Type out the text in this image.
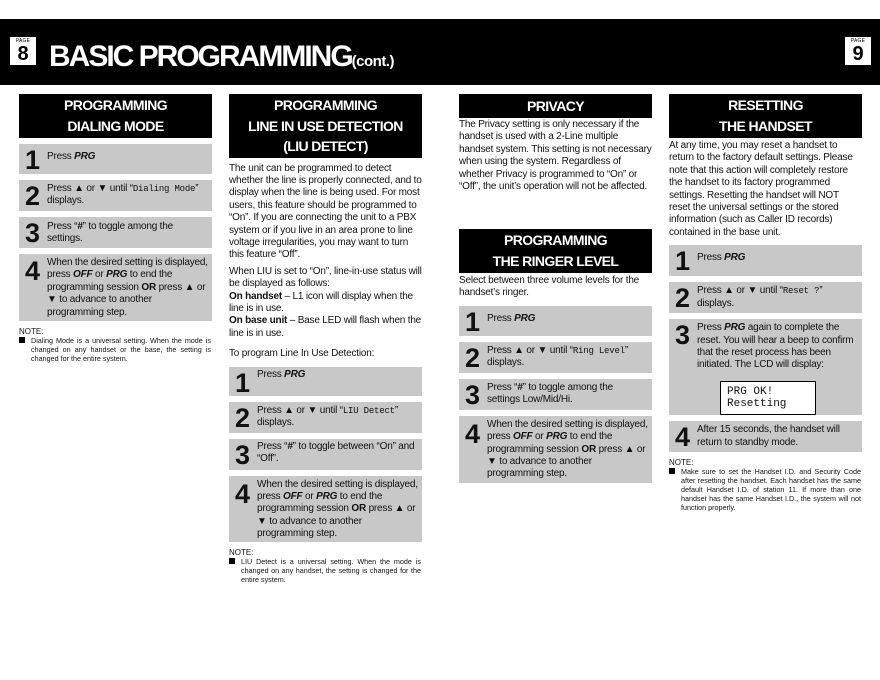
PAGE
8 BASIC PROGRAMMING(cont.)
PAGE
9
PROGRAMMING
DIALING MODE
1 Press PRG
2 Press ▲ or ▼ until “Dialing Mode” displays.
3 Press “#” to toggle among the settings.
4 When the desired setting is displayed, press OFF or PRG to end the programming session OR press ▲ or ▼ to advance to another programming step.
NOTE:
Dialing Mode is a universal setting. When the mode is changed on any handset or the base, the setting is changed for the entire system.
PROGRAMMING
LINE IN USE DETECTION
(LIU DETECT)
The unit can be programmed to detect whether the line is properly connected, and to display when the line is being used. For most users, this feature should be programmed to “On”. If you are connecting the unit to a PBX system or if you live in an area prone to line voltage irregularities, you may want to turn this feature “Off”.
When LIU is set to “On”, line-in-use status will be displayed as follows:
On handset – L1 icon will display when the line is in use.
On base unit – Base LED will flash when the line is in use.
To program Line In Use Detection:
1 Press PRG
2 Press ▲ or ▼ until “LIU Detect” displays.
3 Press “#” to toggle between “On” and “Off”.
4 When the desired setting is displayed, press OFF or PRG to end the programming session OR press ▲ or ▼ to advance to another programming step.
NOTE:
LIU Detect is a universal setting. When the mode is changed on any handset, the setting is changed for the entire system.
PRIVACY
The Privacy setting is only necessary if the handset is used with a 2-Line multiple handset system. This setting is not necessary when using the system. Regardless of whether Privacy is programmed to “On” or “Off”, the unit’s operation will not be affected.
PROGRAMMING
THE RINGER LEVEL
Select between three volume levels for the handset’s ringer.
1 Press PRG
2 Press ▲ or ▼ until “Ring Level” displays.
3 Press “#” to toggle among the settings Low/Mid/Hi.
4 When the desired setting is displayed, press OFF or PRG to end the programming session OR press ▲ or ▼ to advance to another programming step.
RESETTING
THE HANDSET
At any time, you may reset a handset to return to the factory default settings. Please note that this action will completely restore the handset to its factory programmed settings. Resetting the handset will NOT reset the universal settings or the stored information (such as Caller ID records) contained in the base unit.
1 Press PRG
2 Press ▲ or ▼ until “Reset ?” displays.
3 Press PRG again to complete the reset. You will hear a beep to confirm that the reset process has been initiated. The LCD will display:
4 After 15 seconds, the handset will return to standby mode.
NOTE:
Make sure to set the Handset I.D. and Security Code after resetting the handset. Each handset has the same default Handset I.D. of station 11. If more than one handset has the same Handset I.D., the system will not function properly.
PRG OK!
Resetting
